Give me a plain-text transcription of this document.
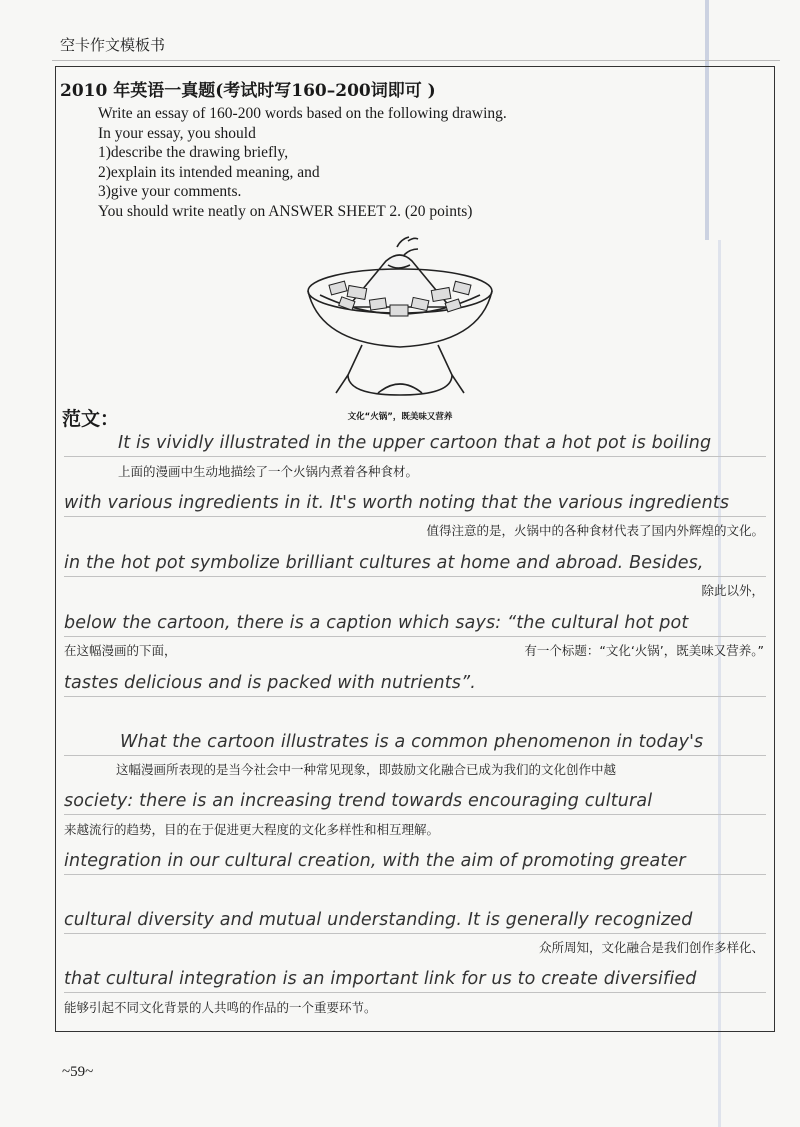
空卡作文模板书
2010 年英语一真题(考试时写160–200词即可 )
Write an essay of 160-200 words based on the following drawing.
In your essay, you should
1)describe the drawing briefly,
2)explain its intended meaning, and
3)give your comments.
You should write neatly on ANSWER SHEET 2. (20 points)
文化“火锅”，既美味又营养
范文：
It is vividly illustrated in the upper cartoon that a hot pot is boiling
上面的漫画中生动地描绘了一个火锅内煮着各种食材。
with various ingredients in it. It's worth noting that the various ingredients
值得注意的是，火锅中的各种食材代表了国内外辉煌的文化。
in the hot pot symbolize brilliant cultures at home and abroad. Besides,
除此以外，
below the cartoon, there is a caption which says: “the cultural hot pot
在这幅漫画的下面，	有一个标题：“文化‘火锅’，既美味又营养。”
tastes delicious and is packed with nutrients”.
What the cartoon illustrates is a common phenomenon in today's
这幅漫画所表现的是当今社会中一种常见现象，即鼓励文化融合已成为我们的文化创作中越
society: there is an increasing trend towards encouraging cultural
来越流行的趋势，目的在于促进更大程度的文化多样性和相互理解。
integration in our cultural creation, with the aim of promoting greater
cultural diversity and mutual understanding. It is generally recognized
众所周知，文化融合是我们创作多样化、
that cultural integration is an important link for us to create diversified
能够引起不同文化背景的人共鸣的作品的一个重要环节。
~59~
